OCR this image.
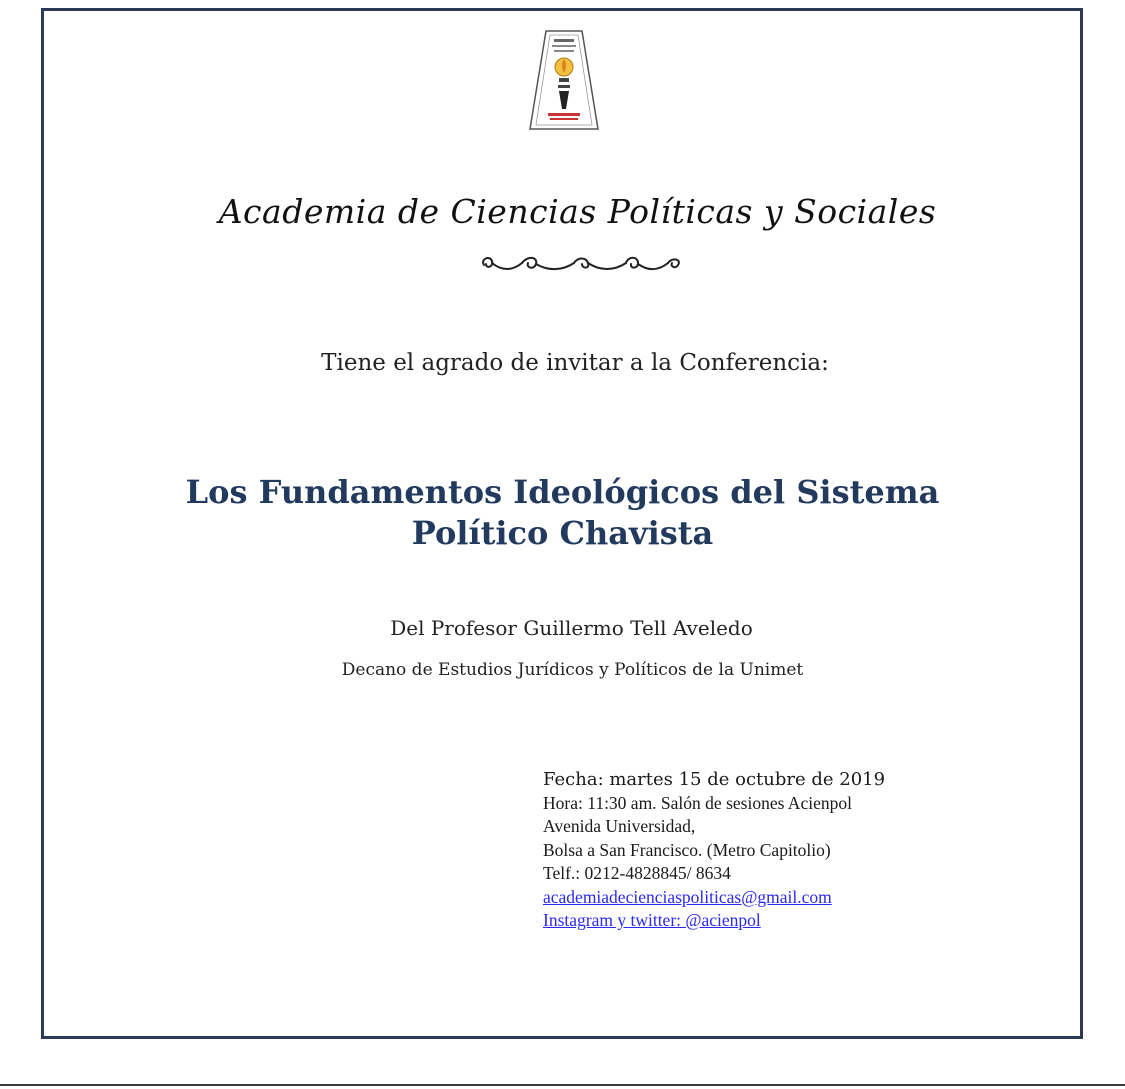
Academia de Ciencias Políticas y Sociales
Tiene el agrado de invitar a la Conferencia:
Los Fundamentos Ideológicos del Sistema
Político Chavista
Del Profesor Guillermo Tell Aveledo
Decano de Estudios Jurídicos y Políticos de la Unimet
Fecha: martes 15 de octubre de 2019
Hora: 11:30 am. Salón de sesiones Acienpol
Avenida Universidad,
Bolsa a San Francisco. (Metro Capitolio)
Telf.: 0212-4828845/ 8634
academiadecienciaspoliticas@gmail.com
Instagram y twitter: @acienpol
